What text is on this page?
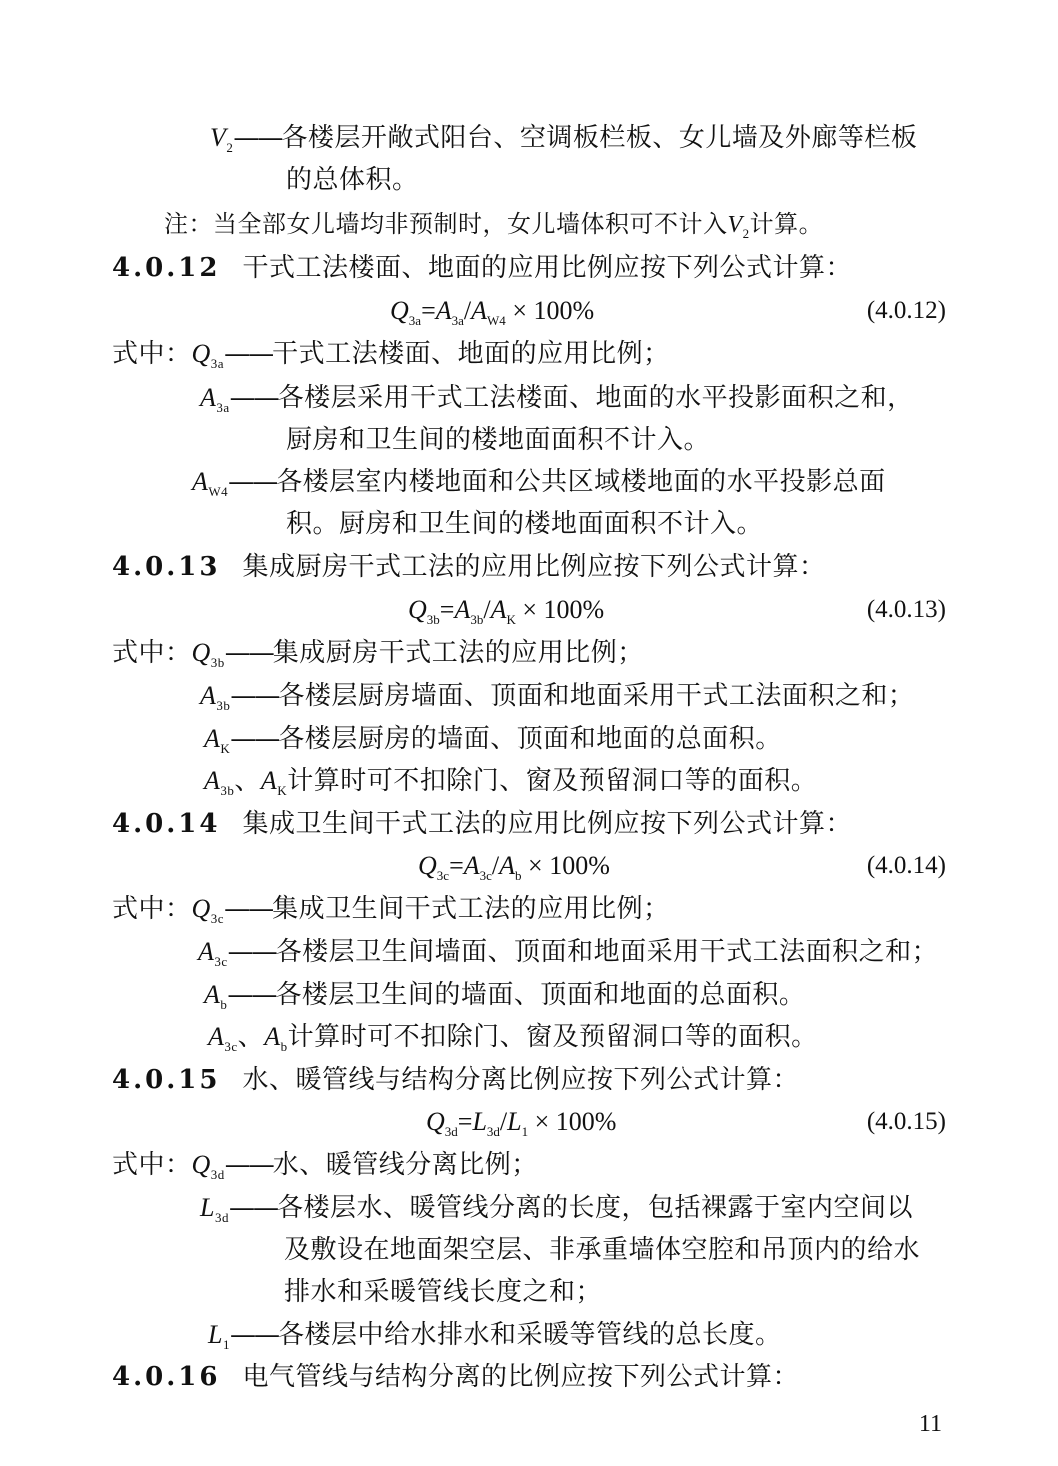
$V_2——$各楼层开敞式阳台、空调板栏板、女儿墙及外廊等栏板
的总体积。
注：当全部女儿墙均非预制时，女儿墙体积可不计入$V_2$计算。
4.0.12 干式工法楼面、地面的应用比例应按下列公式计算：
$Q_{3a}=A_{3a}/A_{W4} \times 100\%$	(4.0.12)
式中：$Q_{3a}——$干式工法楼面、地面的应用比例；
$A_{3a}——$各楼层采用干式工法楼面、地面的水平投影面积之和，
厨房和卫生间的楼地面面积不计入。
$A_{W4}——$各楼层室内楼地面和公共区域楼地面的水平投影总面
积。厨房和卫生间的楼地面面积不计入。
4.0.13 集成厨房干式工法的应用比例应按下列公式计算：
$Q_{3b}=A_{3b}/A_K \times 100\%$	(4.0.13)
式中：$Q_{3b}——$集成厨房干式工法的应用比例；
$A_{3b}——$各楼层厨房墙面、顶面和地面采用干式工法面积之和；
$A_K——$各楼层厨房的墙面、顶面和地面的总面积。
$A_{3b}$、$A_K$计算时可不扣除门、窗及预留洞口等的面积。
4.0.14 集成卫生间干式工法的应用比例应按下列公式计算：
$Q_{3c}=A_{3c}/A_b \times 100\%$	(4.0.14)
式中：$Q_{3c}——$集成卫生间干式工法的应用比例；
$A_{3c}——$各楼层卫生间墙面、顶面和地面采用干式工法面积之和；
$A_b——$各楼层卫生间的墙面、顶面和地面的总面积。
$A_{3c}$、$A_b$计算时可不扣除门、窗及预留洞口等的面积。
4.0.15 水、暖管线与结构分离比例应按下列公式计算：
$Q_{3d}=L_{3d}/L_1 \times 100\%$	(4.0.15)
式中：$Q_{3d}——$水、暖管线分离比例；
$L_{3d}——$各楼层水、暖管线分离的长度，包括裸露于室内空间以
及敷设在地面架空层、非承重墙体空腔和吊顶内的给水
排水和采暖管线长度之和；
$L_1——$各楼层中给水排水和采暖等管线的总长度。
4.0.16 电气管线与结构分离的比例应按下列公式计算：
11
